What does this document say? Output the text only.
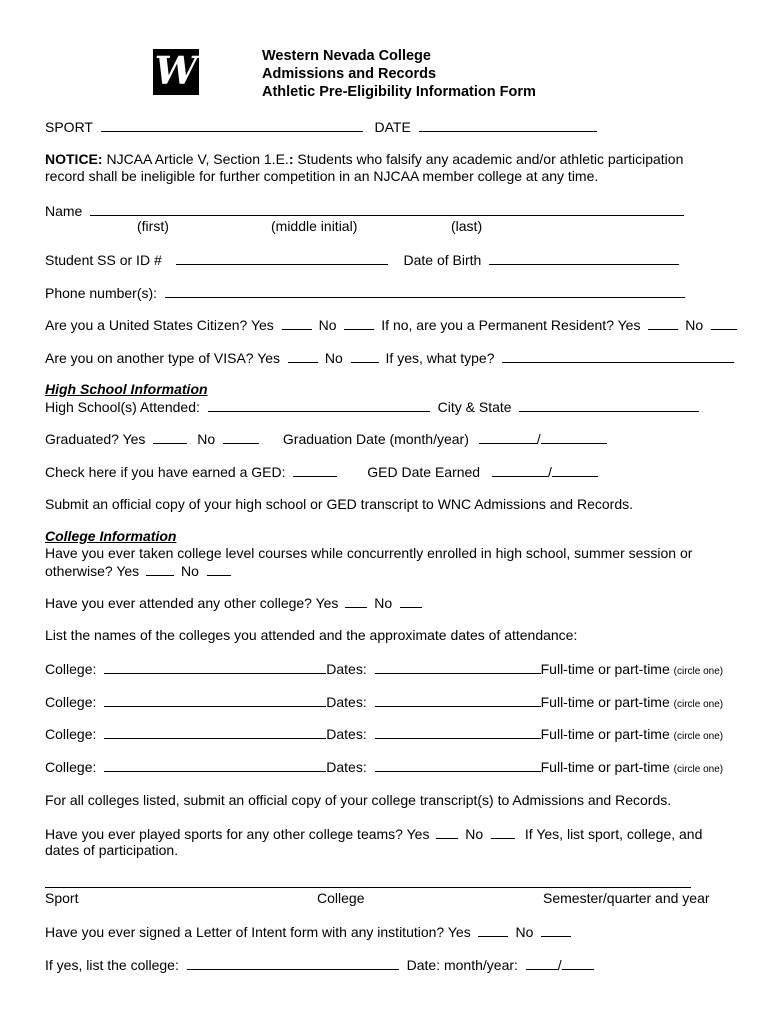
W	Western Nevada College
Admissions and Records
Athletic Pre-Eligibility Information Form
SPORT	DATE
NOTICE: NJCAA Article V, Section 1.E.: Students who falsify any academic and/or athletic participation
record shall be ineligible for further competition in an NJCAA member college at any time.
Name
(first)	(middle initial)	(last)
Student SS or ID #	Date of Birth
Phone number(s):
Are you a United States Citizen? Yes	No	If no, are you a Permanent Resident? Yes	No
Are you on another type of VISA? Yes	No	If yes, what type?
High School Information
High School(s) Attended:	City & State
Graduated? Yes	No	Graduation Date (month/year)	/
Check here if you have earned a GED:	GED Date Earned	/
Submit an official copy of your high school or GED transcript to WNC Admissions and Records.
College Information
Have you ever taken college level courses while concurrently enrolled in high school, summer session or
otherwise? Yes	No
Have you ever attended any other college? Yes	No
List the names of the colleges you attended and the approximate dates of attendance:
College:	Dates:	Full-time or part-time (circle one)
College:	Dates:	Full-time or part-time (circle one)
College:	Dates:	Full-time or part-time (circle one)
College:	Dates:	Full-time or part-time (circle one)
For all colleges listed, submit an official copy of your college transcript(s) to Admissions and Records.
Have you ever played sports for any other college teams? Yes	No	If Yes, list sport, college, and
dates of participation.
Sport	College	Semester/quarter and year
Have you ever signed a Letter of Intent form with any institution? Yes	No
If yes, list the college:	Date: month/year:	/
